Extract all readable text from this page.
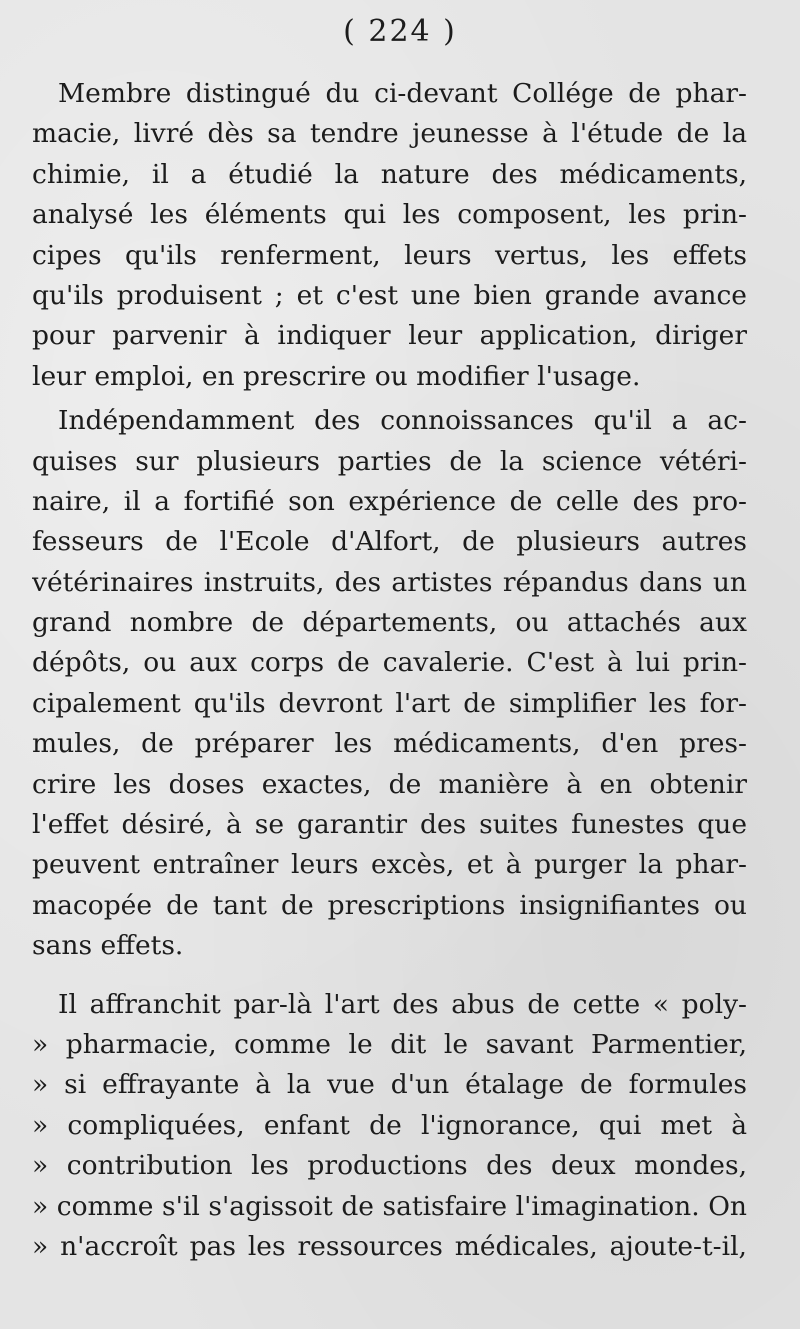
( 224 )
Membre distingué du ci-devant Collége de phar-
macie, livré dès sa tendre jeunesse à l'étude de la
chimie, il a étudié la nature des médicaments,
analysé les éléments qui les composent, les prin-
cipes qu'ils renferment, leurs vertus, les effets
qu'ils produisent ; et c'est une bien grande avance
pour parvenir à indiquer leur application, diriger
leur emploi, en prescrire ou modifier l'usage.
Indépendamment des connoissances qu'il a ac-
quises sur plusieurs parties de la science vétéri-
naire, il a fortifié son expérience de celle des pro-
fesseurs de l'Ecole d'Alfort, de plusieurs autres
vétérinaires instruits, des artistes répandus dans un
grand nombre de départements, ou attachés aux
dépôts, ou aux corps de cavalerie. C'est à lui prin-
cipalement qu'ils devront l'art de simplifier les for-
mules, de préparer les médicaments, d'en pres-
crire les doses exactes, de manière à en obtenir
l'effet désiré, à se garantir des suites funestes que
peuvent entraîner leurs excès, et à purger la phar-
macopée de tant de prescriptions insignifiantes ou
sans effets.
Il affranchit par-là l'art des abus de cette « poly-
» pharmacie, comme le dit le savant Parmentier,
» si effrayante à la vue d'un étalage de formules
» compliquées, enfant de l'ignorance, qui met à
» contribution les productions des deux mondes,
» comme s'il s'agissoit de satisfaire l'imagination. On
» n'accroît pas les ressources médicales, ajoute-t-il,
